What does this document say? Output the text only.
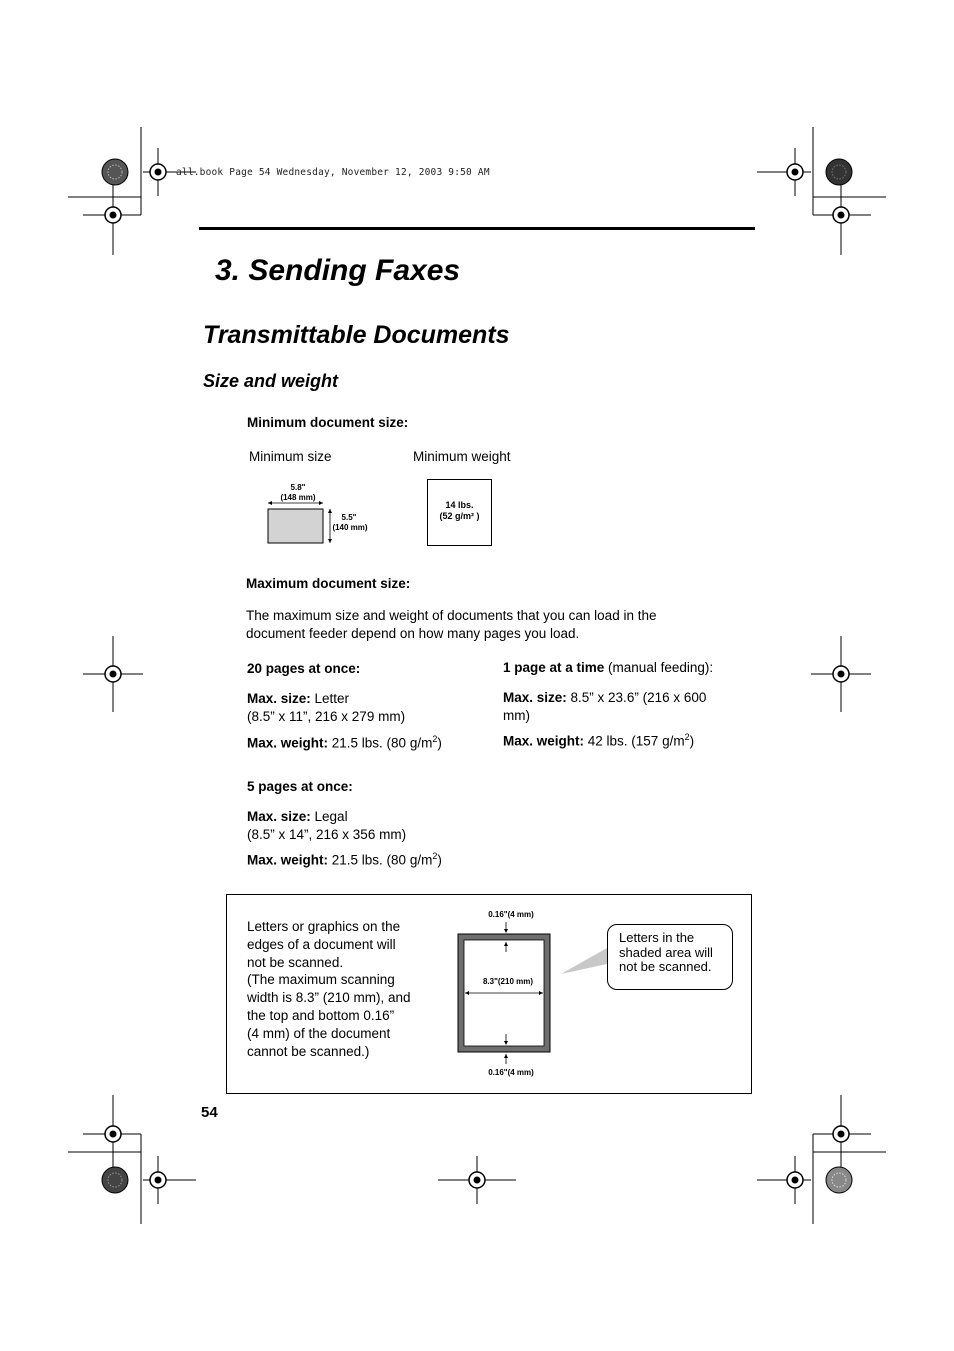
all.book Page 54 Wednesday, November 12, 2003 9:50 AM
3. Sending Faxes
Transmittable Documents
Size and weight
Minimum document size:
Minimum size	Minimum weight
5.8"
(148 mm)
5.5"
(140 mm)
14 lbs.
(52 g/m² )
Maximum document size:
The maximum size and weight of documents that you can load in the document feeder depend on how many pages you load.
20 pages at once:
Max. size: Letter
(8.5” x 11”, 216 x 279 mm)
Max. weight: 21.5 lbs. (80 $g/m^2$)
1 page at a time (manual feeding):
Max. size: 8.5” x 23.6” (216 x 600 mm)
Max. weight: 42 lbs. (157 $g/m^2$)
5 pages at once:
Max. size: Legal
(8.5” x 14”, 216 x 356 mm)
Max. weight: 21.5 lbs. (80 $g/m^2$)
Letters or graphics on the
edges of a document will
not be scanned.
(The maximum scanning
width is 8.3” (210 mm), and
the top and bottom 0.16”
(4 mm) of the document
cannot be scanned.)
0.16"(4 mm)
8.3"(210 mm)
0.16"(4 mm)
Letters in the
shaded area will
not be scanned.
54
